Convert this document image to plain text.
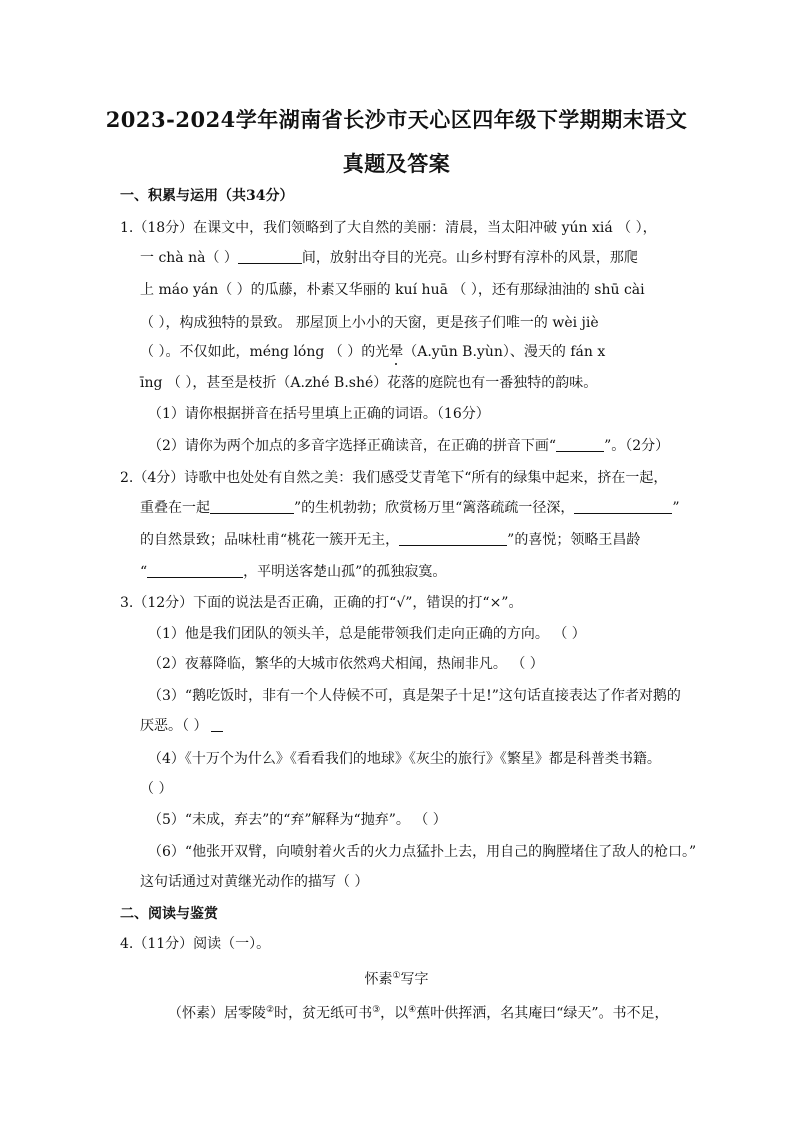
2023-2024学年湖南省长沙市天心区四年级下学期期末语文
真题及答案
一、积累与运用（共34分）
1.（18分）在课文中，我们领略到了大自然的美丽：清晨，当太阳冲破 yún xiá （ ），
一 chà nà（ ）	间，放射出夺目的光亮。山乡村野有淳朴的风景，那爬
上 máo yán（ ）的瓜藤，朴素又华丽的 kuí huā （ ），还有那绿油油的 shū cài
（ ），构成独特的景致。 那屋顶上小小的天窗，更是孩子们唯一的 wèi jiè
（ ）。不仅如此，méng lóng （ ）的光晕（A.yūn B.yùn）、漫天的 fán x
īng （ ），甚至是枝折（A.zhé B.shé）花落的庭院也有一番独特的韵味。
（1）请你根据拼音在括号里填上正确的词语。（16分）
（2）请你为两个加点的多音字选择正确读音，在正确的拼音下画“	”。（2分）
2.（4分）诗歌中也处处有自然之美：我们感受艾青笔下“所有的绿集中起来，挤在一起，
重叠在一起	”的生机勃勃；欣赏杨万里“篱落疏疏一径深，	”
的自然景致；品味杜甫“桃花一簇开无主，	”的喜悦；领略王昌龄
“	，平明送客楚山孤”的孤独寂寞。
3.（12分）下面的说法是否正确，正确的打“√”，错误的打“×”。
（1）他是我们团队的领头羊，总是能带领我们走向正确的方向。 （ ）
（2）夜幕降临，繁华的大城市依然鸡犬相闻，热闹非凡。 （ ）
（3）“鹅吃饭时，非有一个人侍候不可，真是架子十足!”这句话直接表达了作者对鹅的
厌恶。（ ）
（4）《十万个为什么》《看看我们的地球》《灰尘的旅行》《繁星》都是科普类书籍。
（ ）
（5）“未成，弃去”的“弃”解释为“抛弃”。 （ ）
（6）“他张开双臂，向喷射着火舌的火力点猛扑上去，用自己的胸膛堵住了敌人的枪口。”
这句话通过对黄继光动作的描写（ ）
二、阅读与鉴赏
4.（11分）阅读（一）。
怀素①写字
（怀素）居零陵②时，贫无纸可书③，以④蕉叶供挥洒，名其庵曰“绿天”。书不足，
